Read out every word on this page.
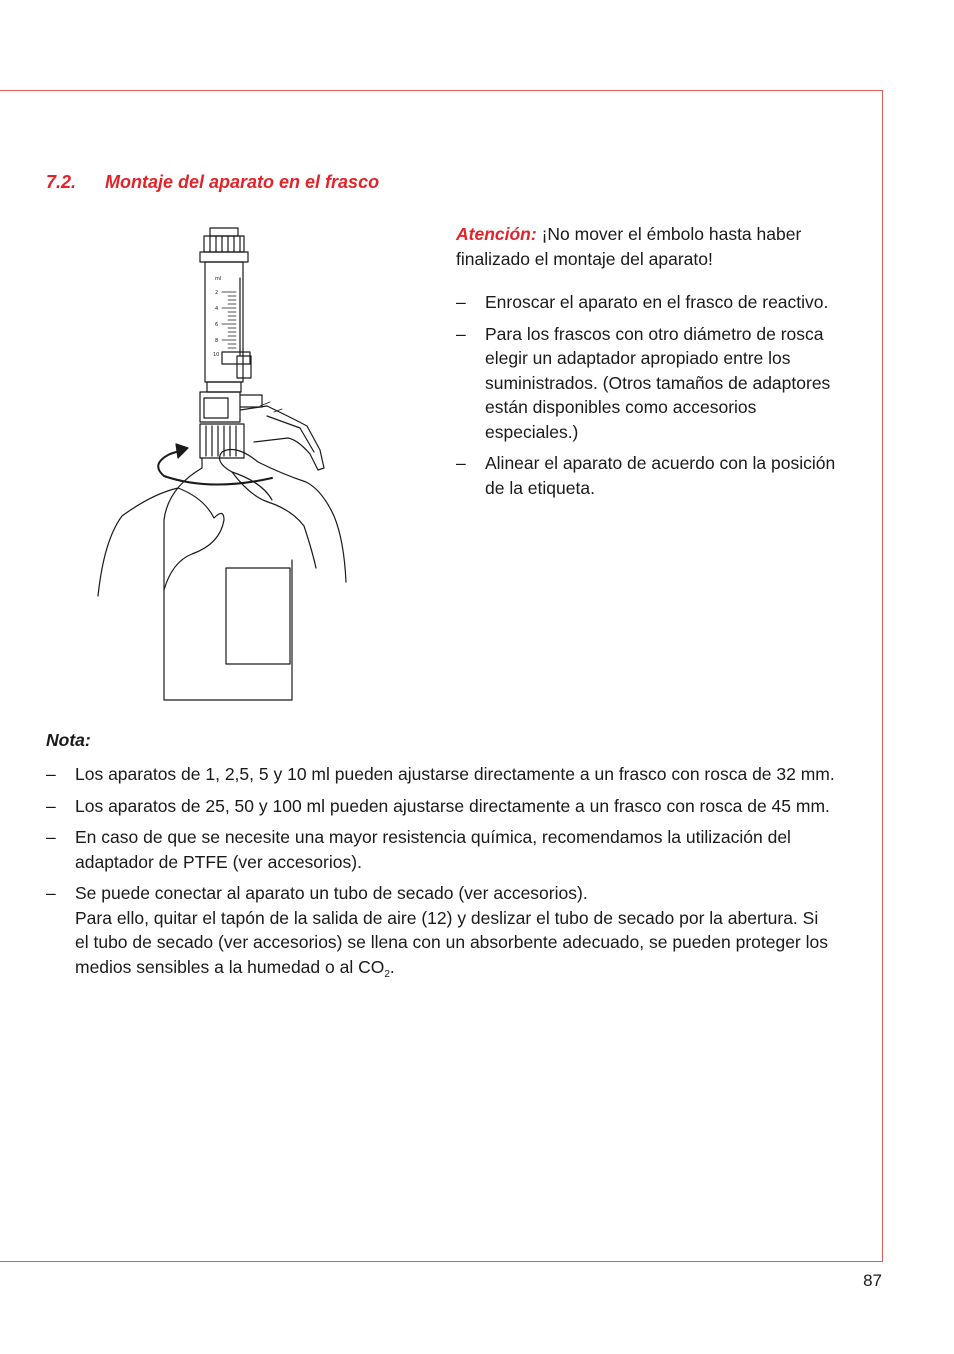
7.2. Montaje del aparato en el frasco
ml
2
4
6
8
10

Atención: ¡No mover el émbolo hasta haber finalizado el montaje del aparato!

– Enroscar el aparato en el frasco de reactivo.
– Para los frascos con otro diámetro de rosca elegir un adaptador apropiado entre los suministrados. (Otros tamaños de adaptores están disponibles como accesorios especiales.)
– Alinear el aparato de acuerdo con la posición de la etiqueta.
Nota:
– Los aparatos de 1, 2,5, 5 y 10 ml pueden ajustarse directamente a un frasco con rosca de 32 mm.
– Los aparatos de 25, 50 y 100 ml pueden ajustarse directamente a un frasco con rosca de 45 mm.
– En caso de que se necesite una mayor resistencia química, recomendamos la utilización del adaptador de PTFE (ver accesorios).
– Se puede conectar al aparato un tubo de secado (ver accesorios).
Para ello, quitar el tapón de la salida de aire (12) y deslizar el tubo de secado por la abertura. Si el tubo de secado (ver accesorios) se llena con un absorbente adecuado, se pueden proteger los medios sensibles a la humedad o al $CO_2$.
87
